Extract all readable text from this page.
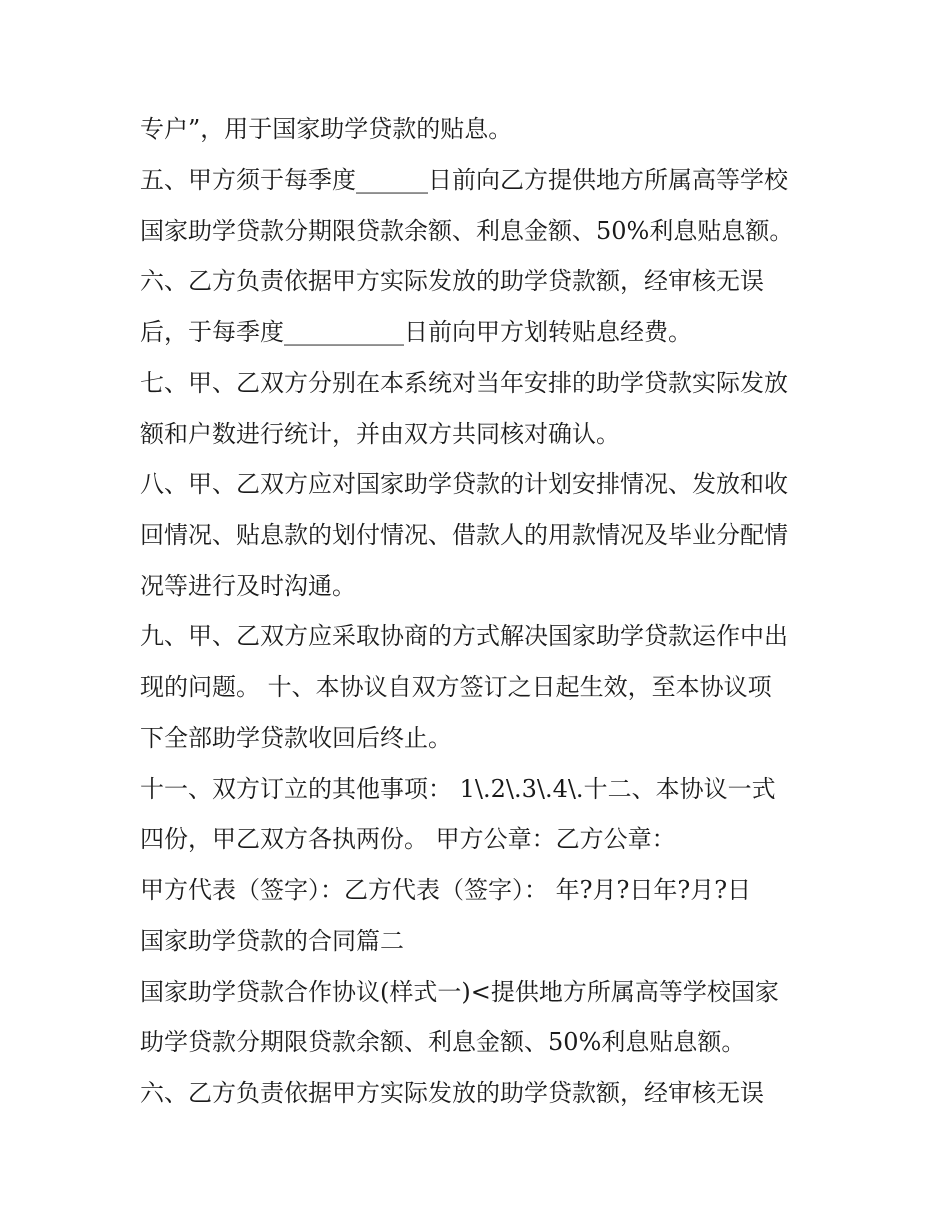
专户”，用于国家助学贷款的贴息。
五、甲方须于每季度______日前向乙方提供地方所属高等学校
国家助学贷款分期限贷款余额、利息金额、50%利息贴息额。
六、乙方负责依据甲方实际发放的助学贷款额，经审核无误
后，于每季度__________日前向甲方划转贴息经费。
七、甲、乙双方分别在本系统对当年安排的助学贷款实际发放
额和户数进行统计，并由双方共同核对确认。
八、甲、乙双方应对国家助学贷款的计划安排情况、发放和收
回情况、贴息款的划付情况、借款人的用款情况及毕业分配情
况等进行及时沟通。
九、甲、乙双方应采取协商的方式解决国家助学贷款运作中出
现的问题。 十、本协议自双方签订之日起生效，至本协议项
下全部助学贷款收回后终止。
十一、双方订立的其他事项： 1\.2\.3\.4\.十二、本协议一式
四份，甲乙双方各执两份。 甲方公章：乙方公章：
甲方代表（签字）：乙方代表（签字）： 年?月?日年?月?日
国家助学贷款的合同篇二
国家助学贷款合作协议(样式一)<提供地方所属高等学校国家
助学贷款分期限贷款余额、利息金额、50%利息贴息额。
六、乙方负责依据甲方实际发放的助学贷款额，经审核无误
